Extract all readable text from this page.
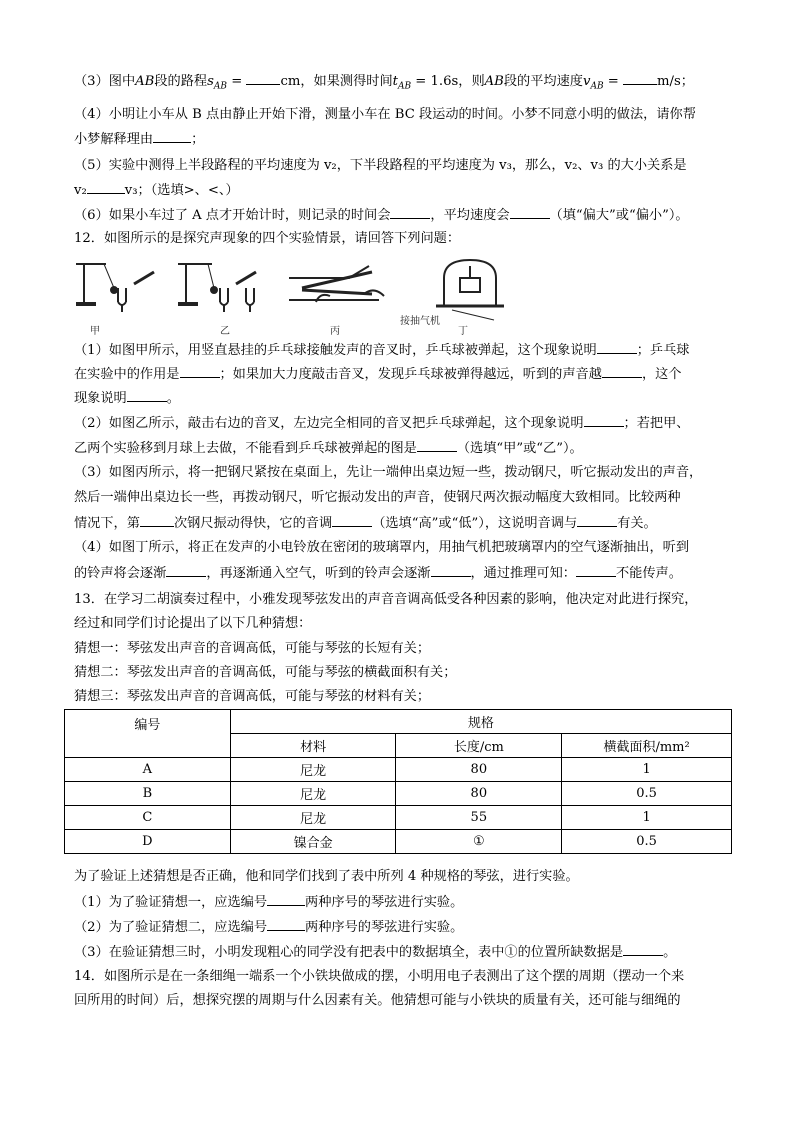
（3）图中AB段的路程$s_{AB}$ =	cm，如果测得时间$t_{AB} = 1.6s$，则AB段的平均速度$v_{AB}$ =	m/s；
（4）小明让小车从 B 点由静止开始下滑，测量小车在 BC 段运动的时间。小梦不同意小明的做法，请你帮
小梦解释理由	；
（5）实验中测得上半段路程的平均速度为 v₂，下半段路程的平均速度为 v₃，那么，v₂、v₃ 的大小关系是
v₂	v₃；（选填>、<、）
（6）如果小车过了 A 点才开始计时，则记录的时间会	，平均速度会	（填“偏大”或“偏小”）。
12．如图所示的是探究声现象的四个实验情景，请回答下列问题：
接抽气机
甲	乙	丙	丁
（1）如图甲所示，用竖直悬挂的乒乓球接触发声的音叉时，乒乓球被弹起，这个现象说明	；乒乓球
在实验中的作用是	；如果加大力度敲击音叉，发现乒乓球被弹得越远，听到的声音越	，这个
现象说明	。
（2）如图乙所示，敲击右边的音叉，左边完全相同的音叉把乒乓球弹起，这个现象说明	；若把甲、
乙两个实验移到月球上去做，不能看到乒乓球被弹起的图是	（选填“甲”或“乙”）。
（3）如图丙所示，将一把钢尺紧按在桌面上，先让一端伸出桌边短一些，拨动钢尺，听它振动发出的声音，
然后一端伸出桌边长一些，再拨动钢尺，听它振动发出的声音，使钢尺两次振动幅度大致相同。比较两种
情况下，第	次钢尺振动得快，它的音调	（选填“高”或“低”），这说明音调与	有关。
（4）如图丁所示，将正在发声的小电铃放在密闭的玻璃罩内，用抽气机把玻璃罩内的空气逐渐抽出，听到
的铃声将会逐渐	，再逐渐通入空气，听到的铃声会逐渐	，通过推理可知：	不能传声。
13．在学习二胡演奏过程中，小雅发现琴弦发出的声音音调高低受各种因素的影响，他决定对此进行探究，
经过和同学们讨论提出了以下几种猜想：
猜想一：琴弦发出声音的音调高低，可能与琴弦的长短有关；
猜想二：琴弦发出声音的音调高低，可能与琴弦的横截面积有关；
猜想三：琴弦发出声音的音调高低，可能与琴弦的材料有关；
编号	规格		
	材料	长度/cm	横截面积/mm²
A	尼龙	80	1
B	尼龙	80	0.5
C	尼龙	55	1
D	镍合金	①	0.5
为了验证上述猜想是否正确，他和同学们找到了表中所列 4 种规格的琴弦，进行实验。
（1）为了验证猜想一，应选编号	两种序号的琴弦进行实验。
（2）为了验证猜想二，应选编号	两种序号的琴弦进行实验。
（3）在验证猜想三时，小明发现粗心的同学没有把表中的数据填全，表中①的位置所缺数据是	。
14．如图所示是在一条细绳一端系一个小铁块做成的摆，小明用电子表测出了这个摆的周期（摆动一个来
回所用的时间）后，想探究摆的周期与什么因素有关。他猜想可能与小铁块的质量有关，还可能与细绳的
